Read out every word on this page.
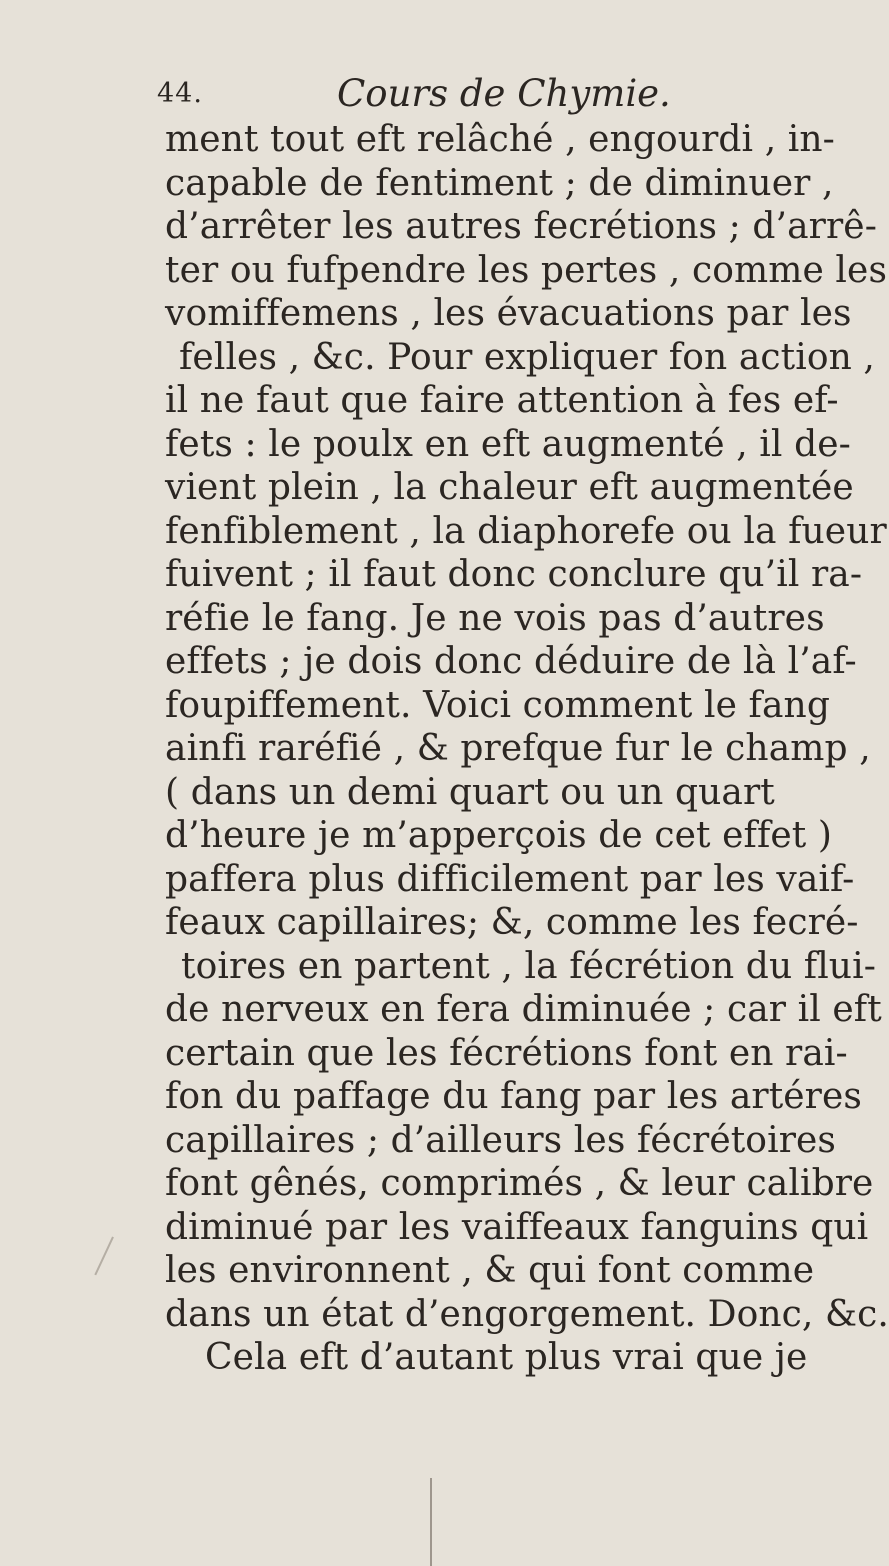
44.	Cours de Chymie.
ment tout eft relâché , engourdi , in-
capable de fentiment ; de diminuer ,
d’arrêter les autres fecrétions ; d’arrê-
ter ou fufpendre les pertes , comme les
vomiffemens , les évacuations par les
felles , &c. Pour expliquer fon action ,
il ne faut que faire attention à fes ef-
fets : le poulx en eft augmenté , il de-
vient plein , la chaleur eft augmentée
fenfiblement , la diaphorefe ou la fueur
fuivent ; il faut donc conclure qu’il ra-
réfie le fang. Je ne vois pas d’autres
effets ; je dois donc déduire de là l’af-
foupiffement. Voici comment le fang
ainfi raréfié , & prefque fur le champ ,
( dans un demi quart ou un quart
d’heure je m’apperçois de cet effet )
paffera plus difficilement par les vaif-
feaux capillaires; &, comme les fecré-
toires en partent , la fécrétion du flui-
de nerveux en fera diminuée ; car il eft
certain que les fécrétions font en rai-
fon du paffage du fang par les artéres
capillaires ; d’ailleurs les fécrétoires
font gênés, comprimés , & leur calibre
diminué par les vaiffeaux fanguins qui
les environnent , & qui font comme
dans un état d’engorgement. Donc, &c.
Cela eft d’autant plus vrai que je
